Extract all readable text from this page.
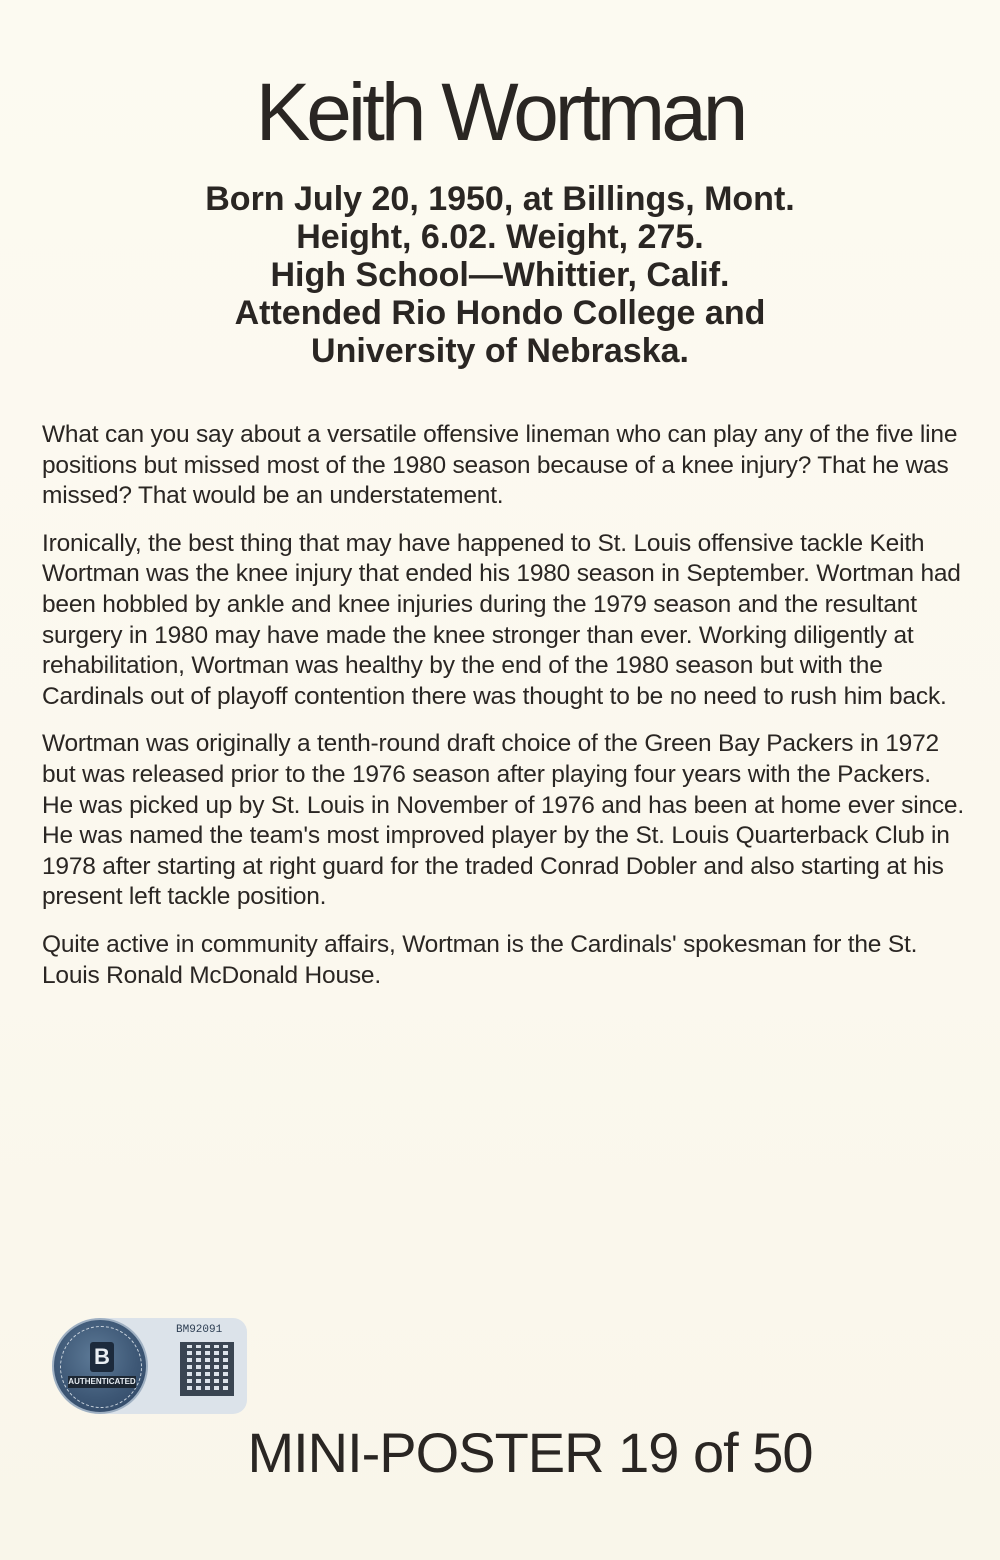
Keith Wortman
Born July 20, 1950, at Billings, Mont.
Height, 6.02. Weight, 275.
High School—Whittier, Calif.
Attended Rio Hondo College and
University of Nebraska.

What can you say about a versatile offensive lineman who can play any of the five line positions but missed most of the 1980 season because of a knee injury? That he was missed? That would be an understatement.

Ironically, the best thing that may have happened to St. Louis offensive tackle Keith Wortman was the knee injury that ended his 1980 season in September. Wortman had been hobbled by ankle and knee injuries during the 1979 season and the resultant surgery in 1980 may have made the knee stronger than ever. Working diligently at rehabilitation, Wortman was healthy by the end of the 1980 season but with the Cardinals out of playoff contention there was thought to be no need to rush him back.

Wortman was originally a tenth-round draft choice of the Green Bay Packers in 1972 but was released prior to the 1976 season after playing four years with the Packers. He was picked up by St. Louis in November of 1976 and has been at home ever since. He was named the team's most improved player by the St. Louis Quarterback Club in 1978 after starting at right guard for the traded Conrad Dobler and also starting at his present left tackle position.

Quite active in community affairs, Wortman is the Cardinals' spokesman for the St. Louis Ronald McDonald House.

B
AUTHENTICATED
BM92091
MINI-POSTER 19 of 50
